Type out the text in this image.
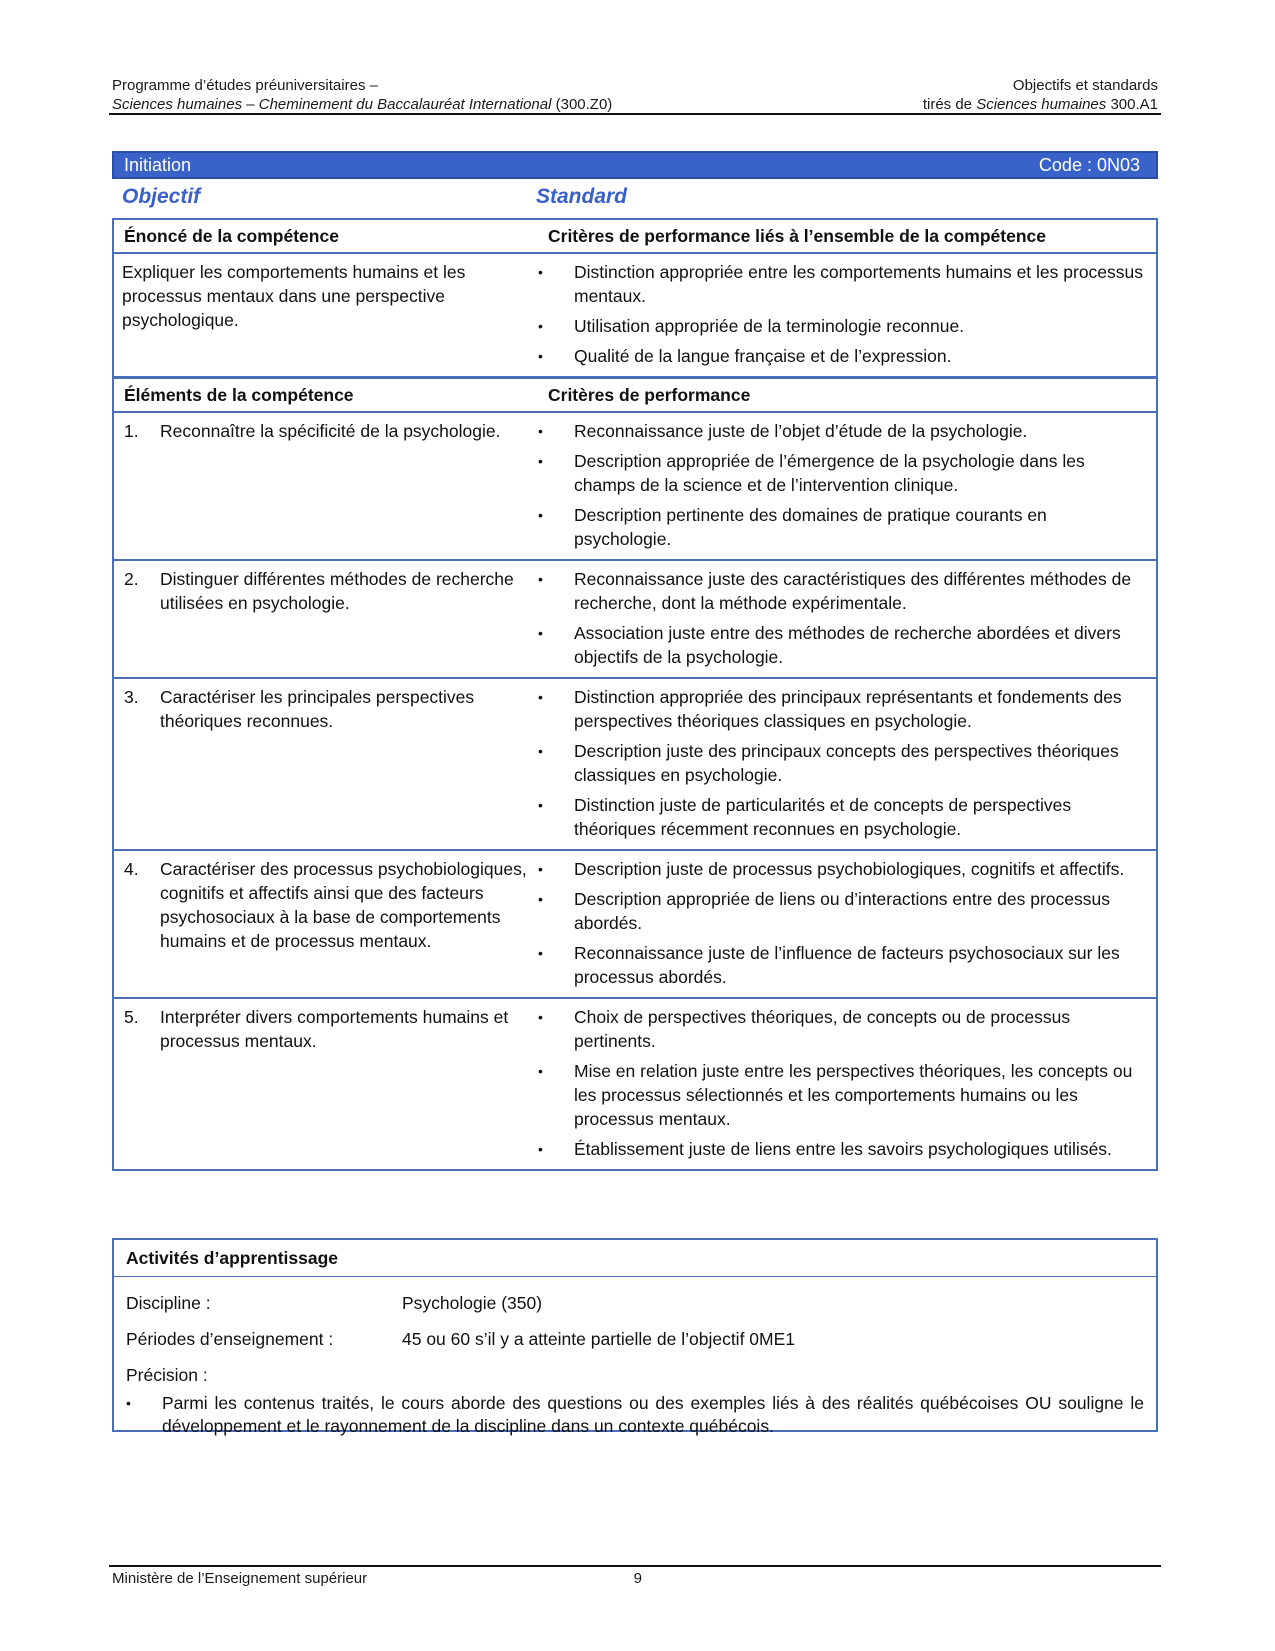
Programme d’études préuniversitaires –	Objectifs et standards
Sciences humaines – Cheminement du Baccalauréat International (300.Z0)	tirés de Sciences humaines 300.A1
Initiation	Code : 0N03
Objectif	Standard
Énoncé de la compétence	Critères de performance liés à l’ensemble de la compétence
Expliquer les comportements humains et les processus mentaux dans une perspective psychologique.
•	Distinction appropriée entre les comportements humains et les processus mentaux.
•	Utilisation appropriée de la terminologie reconnue.
•	Qualité de la langue française et de l’expression.
Éléments de la compétence	Critères de performance
1.	Reconnaître la spécificité de la psychologie.	•	Reconnaissance juste de l’objet d’étude de la psychologie.
•	Description appropriée de l’émergence de la psychologie dans les champs de la science et de l’intervention clinique.
•	Description pertinente des domaines de pratique courants en psychologie.
2.	Distinguer différentes méthodes de recherche utilisées en psychologie.
•	Reconnaissance juste des caractéristiques des différentes méthodes de recherche, dont la méthode expérimentale.
•	Association juste entre des méthodes de recherche abordées et divers objectifs de la psychologie.
3.	Caractériser les principales perspectives théoriques reconnues.
•	Distinction appropriée des principaux représentants et fondements des perspectives théoriques classiques en psychologie.
•	Description juste des principaux concepts des perspectives théoriques classiques en psychologie.
•	Distinction juste de particularités et de concepts de perspectives théoriques récemment reconnues en psychologie.
4.	Caractériser des processus psychobiologiques, cognitifs et affectifs ainsi que des facteurs psychosociaux à la base de comportements humains et de processus mentaux.
•	Description juste de processus psychobiologiques, cognitifs et affectifs.
•	Description appropriée de liens ou d’interactions entre des processus abordés.
•	Reconnaissance juste de l’influence de facteurs psychosociaux sur les processus abordés.
5.	Interpréter divers comportements humains et processus mentaux.
•	Choix de perspectives théoriques, de concepts ou de processus pertinents.
•	Mise en relation juste entre les perspectives théoriques, les concepts ou les processus sélectionnés et les comportements humains ou les processus mentaux.
•	Établissement juste de liens entre les savoirs psychologiques utilisés.
Activités d’apprentissage
Discipline :	Psychologie (350)
Périodes d’enseignement :	45 ou 60 s’il y a atteinte partielle de l’objectif 0ME1
Précision :
•	Parmi les contenus traités, le cours aborde des questions ou des exemples liés à des réalités québécoises OU souligne le développement et le rayonnement de la discipline dans un contexte québécois.
Ministère de l’Enseignement supérieur	9
